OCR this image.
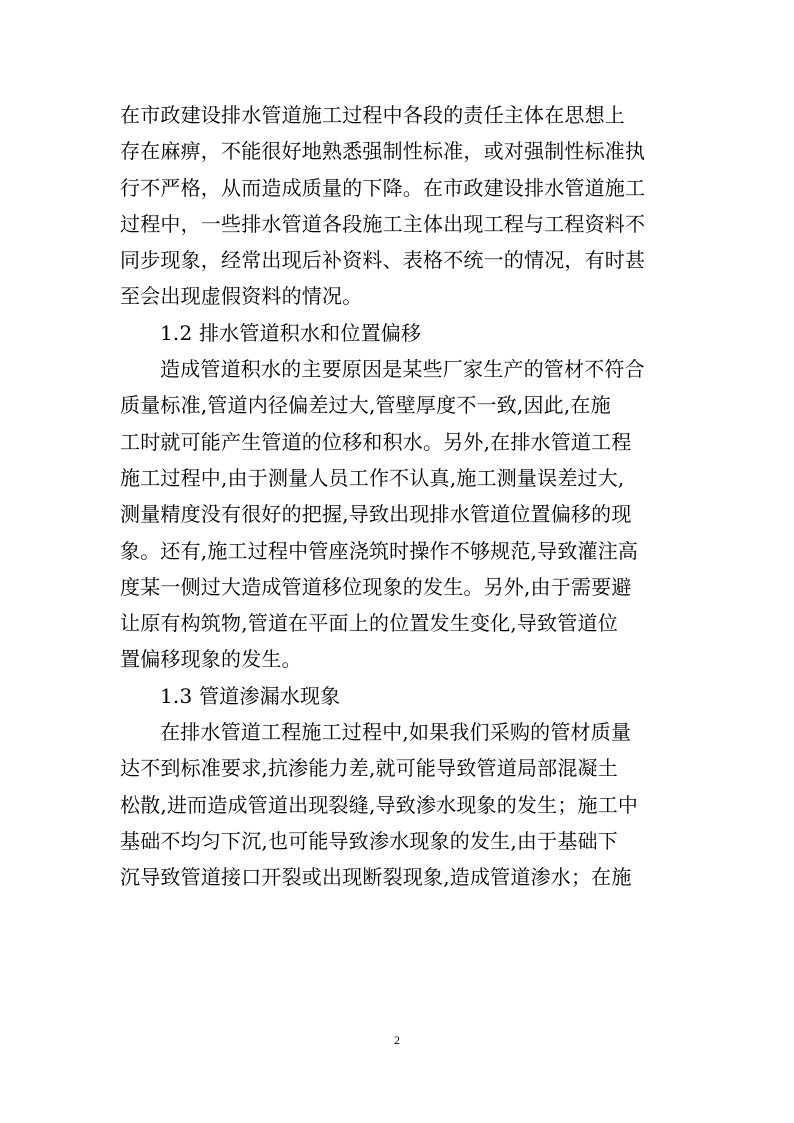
在市政建设排水管道施工过程中各段的责任主体在思想上
存在麻痹，不能很好地熟悉强制性标准，或对强制性标准执
行不严格，从而造成质量的下降。在市政建设排水管道施工
过程中，一些排水管道各段施工主体出现工程与工程资料不
同步现象，经常出现后补资料、表格不统一的情况，有时甚
至会出现虚假资料的情况。
1.2 排水管道积水和位置偏移
造成管道积水的主要原因是某些厂家生产的管材不符合
质量标准,管道内径偏差过大,管壁厚度不一致,因此,在施
工时就可能产生管道的位移和积水。另外,在排水管道工程
施工过程中,由于测量人员工作不认真,施工测量误差过大,
测量精度没有很好的把握,导致出现排水管道位置偏移的现
象。还有,施工过程中管座浇筑时操作不够规范,导致灌注高
度某一侧过大造成管道移位现象的发生。另外,由于需要避
让原有构筑物,管道在平面上的位置发生变化,导致管道位
置偏移现象的发生。
1.3 管道渗漏水现象
在排水管道工程施工过程中,如果我们采购的管材质量
达不到标准要求,抗渗能力差,就可能导致管道局部混凝土
松散,进而造成管道出现裂缝,导致渗水现象的发生；施工中
基础不均匀下沉,也可能导致渗水现象的发生,由于基础下
沉导致管道接口开裂或出现断裂现象,造成管道渗水；在施
2
